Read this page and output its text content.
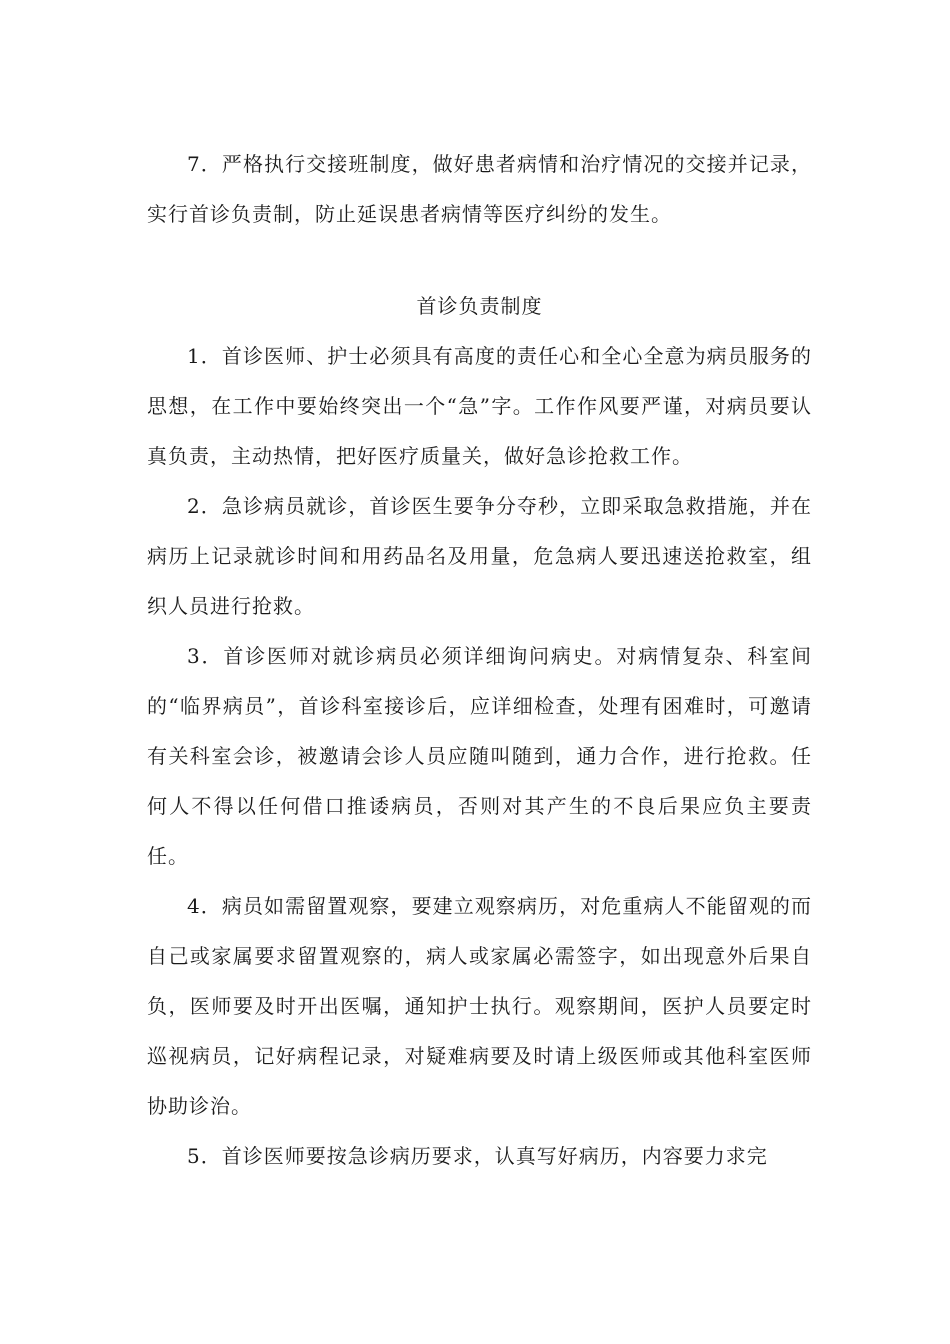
7．严格执行交接班制度，做好患者病情和治疗情况的交接并记录，实行首诊负责制，防止延误患者病情等医疗纠纷的发生。

首诊负责制度

1．首诊医师、护士必须具有高度的责任心和全心全意为病员服务的思想，在工作中要始终突出一个“急”字。工作作风要严谨，对病员要认真负责，主动热情，把好医疗质量关，做好急诊抢救工作。

2．急诊病员就诊，首诊医生要争分夺秒，立即采取急救措施，并在病历上记录就诊时间和用药品名及用量，危急病人要迅速送抢救室，组织人员进行抢救。

3．首诊医师对就诊病员必须详细询问病史。对病情复杂、科室间的“临界病员”，首诊科室接诊后，应详细检查，处理有困难时，可邀请有关科室会诊，被邀请会诊人员应随叫随到，通力合作，进行抢救。任何人不得以任何借口推诿病员，否则对其产生的不良后果应负主要责任。

4．病员如需留置观察，要建立观察病历，对危重病人不能留观的而自己或家属要求留置观察的，病人或家属必需签字，如出现意外后果自负，医师要及时开出医嘱，通知护士执行。观察期间，医护人员要定时巡视病员，记好病程记录，对疑难病要及时请上级医师或其他科室医师协助诊治。

5．首诊医师要按急诊病历要求，认真写好病历，内容要力求完
